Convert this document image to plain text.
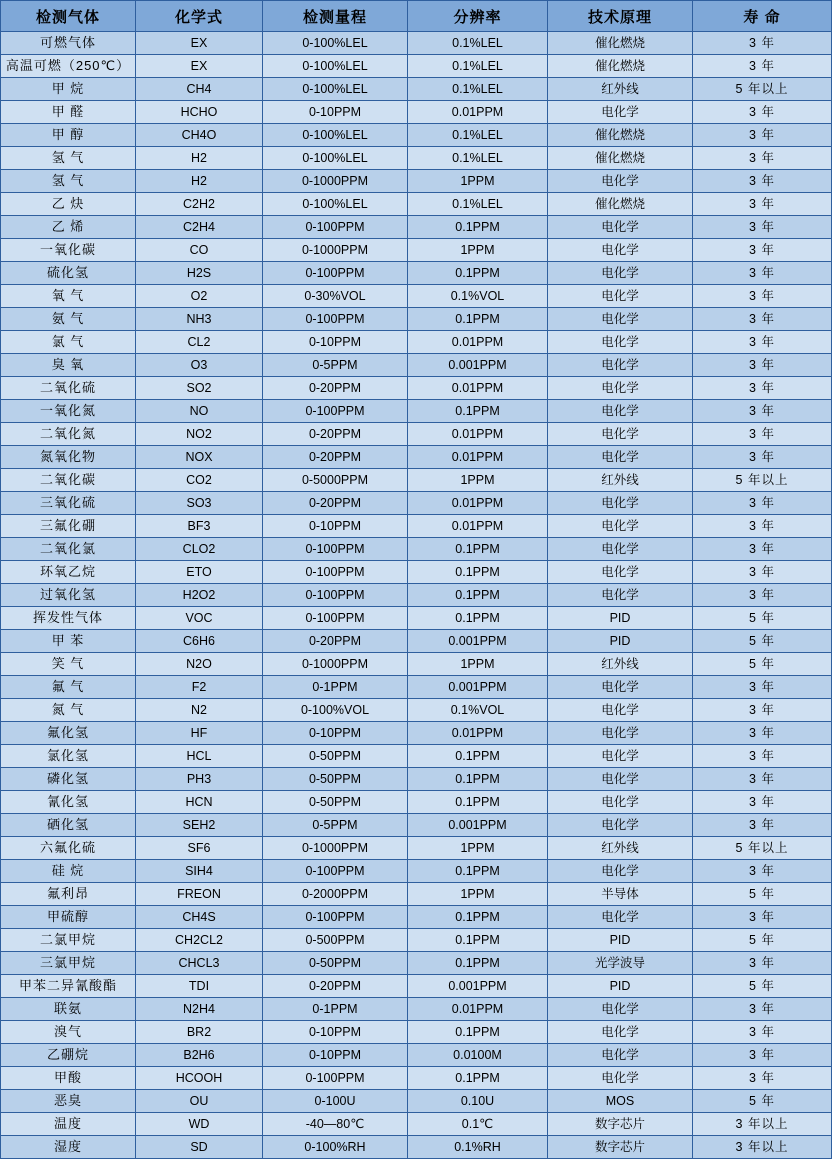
检测气体	化学式	检测量程	分辨率	技术原理	寿 命
可燃气体	EX	0-100%LEL	0.1%LEL	催化燃烧	3 年
高温可燃（250℃）	EX	0-100%LEL	0.1%LEL	催化燃烧	3 年
甲 烷	CH4	0-100%LEL	0.1%LEL	红外线	5 年以上
甲 醛	HCHO	0-10PPM	0.01PPM	电化学	3 年
甲 醇	CH4O	0-100%LEL	0.1%LEL	催化燃烧	3 年
氢 气	H2	0-100%LEL	0.1%LEL	催化燃烧	3 年
氢 气	H2	0-1000PPM	1PPM	电化学	3 年
乙 炔	C2H2	0-100%LEL	0.1%LEL	催化燃烧	3 年
乙 烯	C2H4	0-100PPM	0.1PPM	电化学	3 年
一氧化碳	CO	0-1000PPM	1PPM	电化学	3 年
硫化氢	H2S	0-100PPM	0.1PPM	电化学	3 年
氧 气	O2	0-30%VOL	0.1%VOL	电化学	3 年
氨 气	NH3	0-100PPM	0.1PPM	电化学	3 年
氯 气	CL2	0-10PPM	0.01PPM	电化学	3 年
臭 氧	O3	0-5PPM	0.001PPM	电化学	3 年
二氧化硫	SO2	0-20PPM	0.01PPM	电化学	3 年
一氧化氮	NO	0-100PPM	0.1PPM	电化学	3 年
二氧化氮	NO2	0-20PPM	0.01PPM	电化学	3 年
氮氧化物	NOX	0-20PPM	0.01PPM	电化学	3 年
二氧化碳	CO2	0-5000PPM	1PPM	红外线	5 年以上
三氧化硫	SO3	0-20PPM	0.01PPM	电化学	3 年
三氟化硼	BF3	0-10PPM	0.01PPM	电化学	3 年
二氧化氯	CLO2	0-100PPM	0.1PPM	电化学	3 年
环氧乙烷	ETO	0-100PPM	0.1PPM	电化学	3 年
过氧化氢	H2O2	0-100PPM	0.1PPM	电化学	3 年
挥发性气体	VOC	0-100PPM	0.1PPM	PID	5 年
甲 苯	C6H6	0-20PPM	0.001PPM	PID	5 年
笑 气	N2O	0-1000PPM	1PPM	红外线	5 年
氟 气	F2	0-1PPM	0.001PPM	电化学	3 年
氮 气	N2	0-100%VOL	0.1%VOL	电化学	3 年
氟化氢	HF	0-10PPM	0.01PPM	电化学	3 年
氯化氢	HCL	0-50PPM	0.1PPM	电化学	3 年
磷化氢	PH3	0-50PPM	0.1PPM	电化学	3 年
氰化氢	HCN	0-50PPM	0.1PPM	电化学	3 年
硒化氢	SEH2	0-5PPM	0.001PPM	电化学	3 年
六氟化硫	SF6	0-1000PPM	1PPM	红外线	5 年以上
硅 烷	SIH4	0-100PPM	0.1PPM	电化学	3 年
氟利昂	FREON	0-2000PPM	1PPM	半导体	5 年
甲硫醇	CH4S	0-100PPM	0.1PPM	电化学	3 年
二氯甲烷	CH2CL2	0-500PPM	0.1PPM	PID	5 年
三氯甲烷	CHCL3	0-50PPM	0.1PPM	光学波导	3 年
甲苯二异氰酸酯	TDI	0-20PPM	0.001PPM	PID	5 年
联氨	N2H4	0-1PPM	0.01PPM	电化学	3 年
溴气	BR2	0-10PPM	0.1PPM	电化学	3 年
乙硼烷	B2H6	0-10PPM	0.0100M	电化学	3 年
甲酸	HCOOH	0-100PPM	0.1PPM	电化学	3 年
恶臭	OU	0-100U	0.10U	MOS	5 年
温度	WD	-40—80℃	0.1℃	数字芯片	3 年以上
湿度	SD	0-100%RH	0.1%RH	数字芯片	3 年以上
